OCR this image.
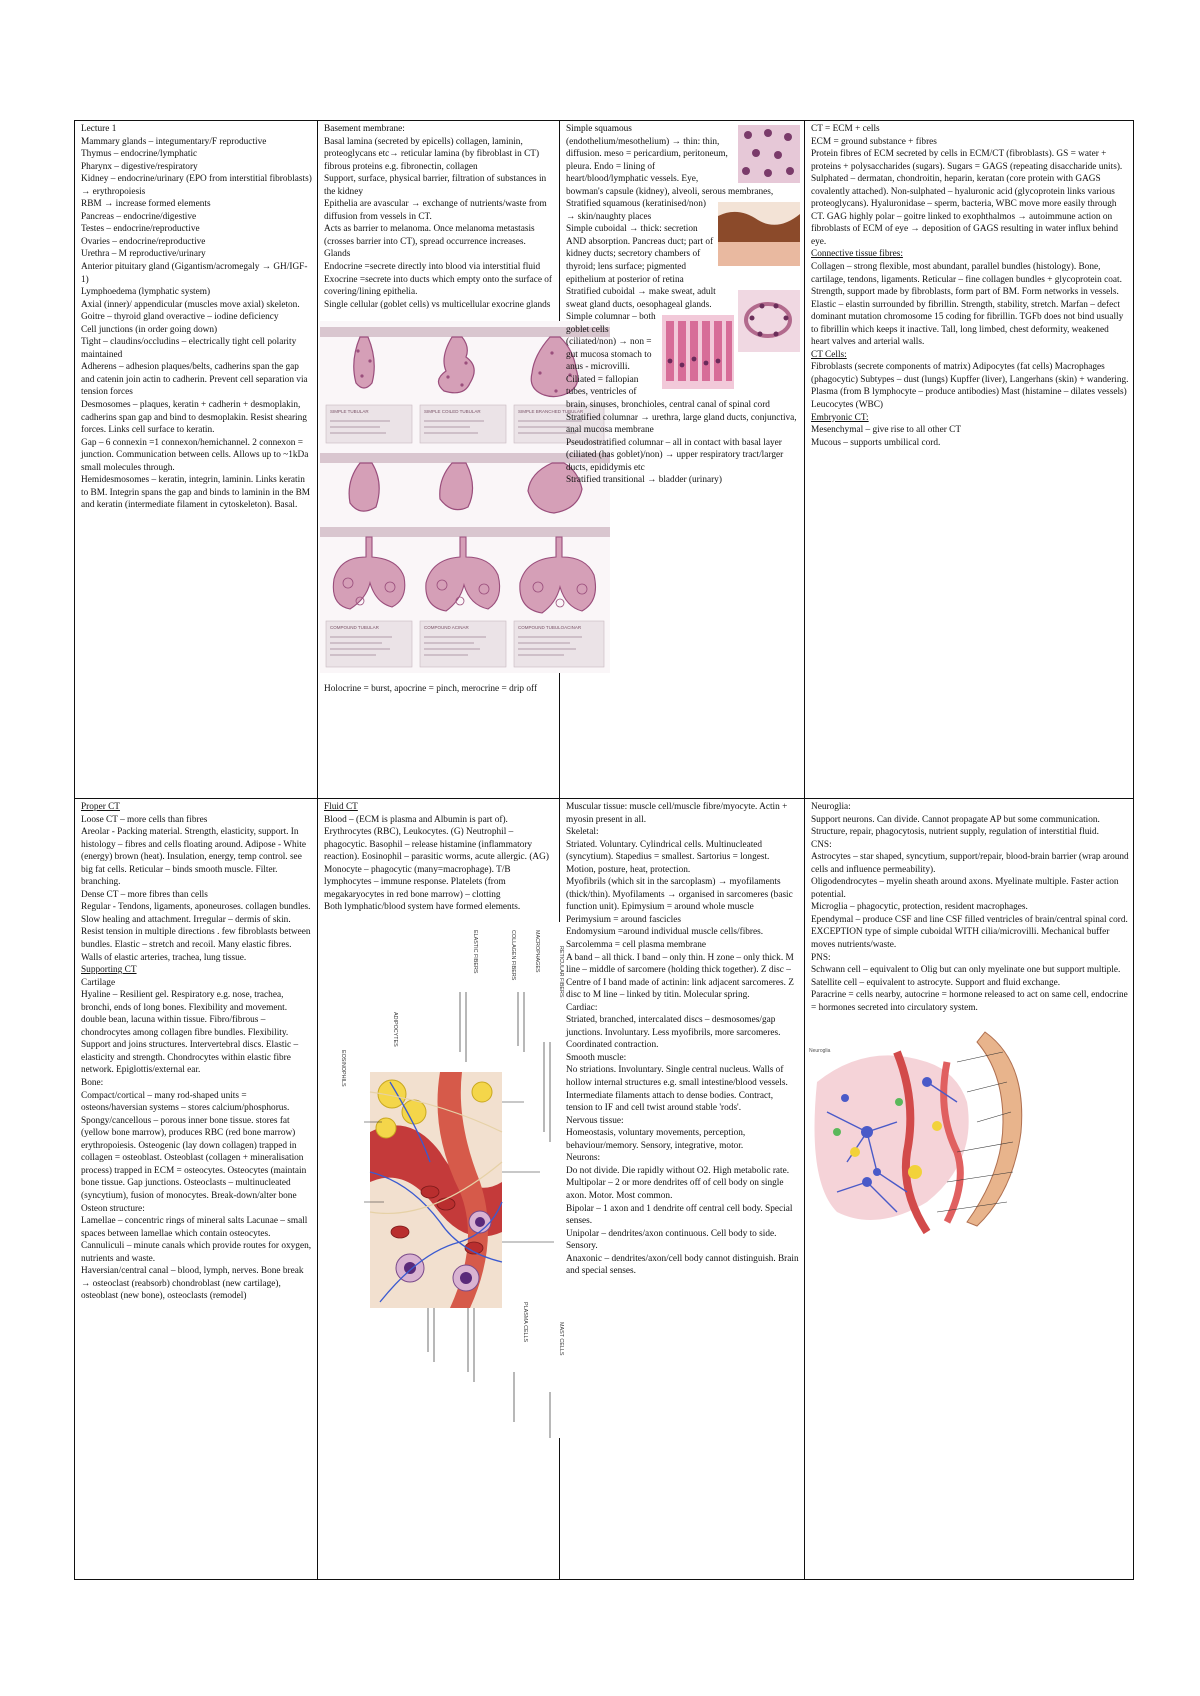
Lecture 1

Mammary glands – integumentary/F reproductive

Thymus – endocrine/lymphatic

Pharynx – digestive/respiratory

Kidney – endocrine/urinary (EPO from interstitial fibroblasts) → erythropoiesis

RBM → increase formed elements

Pancreas – endocrine/digestive

Testes – endocrine/reproductive

Ovaries – endocrine/reproductive

Urethra – M reproductive/urinary

Anterior pituitary gland (Gigantism/acromegaly → GH/IGF-1)

Lymphoedema (lymphatic system)

Axial (inner)/ appendicular (muscles move axial) skeleton.

Goitre – thyroid gland overactive – iodine deficiency

Cell junctions (in order going down)

Tight – claudins/occludins – electrically tight cell polarity maintained

Adherens – adhesion plaques/belts, cadherins span the gap and catenin join actin to cadherin. Prevent cell separation via tension forces

Desmosomes – plaques, keratin + cadherin + desmoplakin, cadherins span gap and bind to desmoplakin. Resist shearing forces. Links cell surface to keratin.

Gap – 6 connexin =1 connexon/hemichannel. 2 connexon = junction. Communication between cells. Allows up to ~1kDa small molecules through.

Hemidesmosomes – keratin, integrin, laminin. Links keratin to BM. Integrin spans the gap and binds to laminin in the BM and keratin (intermediate filament in cytoskeleton). Basal.

Basement membrane:

Basal lamina (secreted by epicells) collagen, laminin, proteoglycans etc→ reticular lamina (by fibroblast in CT) fibrous proteins e.g. fibronectin, collagen

Support, surface, physical barrier, filtration of substances in the kidney

Epithelia are avascular → exchange of nutrients/waste from diffusion from vessels in CT.

Acts as barrier to melanoma. Once melanoma metastasis (crosses barrier into CT), spread occurrence increases.

Glands

Endocrine =secrete directly into blood via interstitial fluid

Exocrine =secrete into ducts which empty onto the surface of covering/lining epithelia.

Single cellular (goblet cells) vs multicellular exocrine glands

SIMPLE TUBULAR	SIMPLE COILED TUBULAR	SIMPLE BRANCHED TUBULAR
COMPOUND TUBULAR	COMPOUND ACINAR	COMPOUND TUBULOACINAR

Holocrine = burst, apocrine = pinch, merocrine = drip off

Simple squamous (endothelium/mesothelium) → thin: thin, diffusion. meso = pericardium, peritoneum, pleura. Endo = lining of heart/blood/lymphatic vessels. Eye, bowman's capsule (kidney), alveoli, serous membranes,

Stratified squamous (keratinised/non) → skin/naughty places

Simple cuboidal → thick: secretion AND absorption. Pancreas duct; part of kidney ducts; secretory chambers of thyroid; lens surface; pigmented epithelium at posterior of retina

Stratified cuboidal → make sweat, adult sweat gland ducts, oesophageal glands.

Simple columnar – both goblet cells (ciliated/non) → non = gut mucosa stomach to anus - microvilli. Ciliated = fallopian tubes, ventricles of brain, sinuses, bronchioles, central canal of spinal cord

Stratified columnar → urethra, large gland ducts, conjunctiva, anal mucosa membrane

Pseudostratified columnar – all in contact with basal layer (ciliated (has goblet)/non) → upper respiratory tract/larger ducts, epididymis etc

Stratified transitional → bladder (urinary)

CT = ECM + cells

ECM = ground substance + fibres

Protein fibres of ECM secreted by cells in ECM/CT (fibroblasts). GS = water + proteins + polysaccharides (sugars). Sugars = GAGS (repeating disaccharide units). Sulphated – dermatan, chondroitin, heparin, keratan (core protein with GAGS covalently attached). Non-sulphated – hyaluronic acid (glycoprotein links various proteoglycans). Hyaluronidase – sperm, bacteria, WBC move more easily through CT. GAG highly polar – goitre linked to exophthalmos → autoimmune action on fibroblasts of ECM of eye → deposition of GAGS resulting in water influx behind eye.

Connective tissue fibres:

Collagen – strong flexible, most abundant, parallel bundles (histology). Bone, cartilage, tendons, ligaments. Reticular – fine collagen bundles + glycoprotein coat. Strength, support made by fibroblasts, form part of BM. Form networks in vessels. Elastic – elastin surrounded by fibrillin. Strength, stability, stretch. Marfan – defect dominant mutation chromosome 15 coding for fibrillin. TGFb does not bind usually to fibrillin which keeps it inactive. Tall, long limbed, chest deformity, weakened heart valves and arterial walls.

CT Cells:

Fibroblasts (secrete components of matrix) Adipocytes (fat cells) Macrophages (phagocytic) Subtypes – dust (lungs) Kupffer (liver), Langerhans (skin) + wandering. Plasma (from B lymphocyte – produce antibodies) Mast (histamine – dilates vessels) Leucocytes (WBC)

Embryonic CT:

Mesenchymal – give rise to all other CT

Mucous – supports umbilical cord.

Proper CT

Loose CT – more cells than fibres

Areolar - Packing material. Strength, elasticity, support. In histology – fibres and cells floating around. Adipose - White (energy) brown (heat). Insulation, energy, temp control. see big fat cells. Reticular – binds smooth muscle. Filter. branching.

Dense CT – more fibres than cells

Regular - Tendons, ligaments, aponeuroses. collagen bundles. Slow healing and attachment. Irregular – dermis of skin. Resist tension in multiple directions . few fibroblasts between bundles. Elastic – stretch and recoil. Many elastic fibres. Walls of elastic arteries, trachea, lung tissue.

Supporting CT

Cartilage

Hyaline – Resilient gel. Respiratory e.g. nose, trachea, bronchi, ends of long bones. Flexibility and movement. double bean, lacuna within tissue. Fibro/fibrous – chondrocytes among collagen fibre bundles. Flexibility. Support and joins structures. Intervertebral discs. Elastic – elasticity and strength. Chondrocytes within elastic fibre network. Epiglottis/external ear.

Bone:

Compact/cortical – many rod-shaped units = osteons/haversian systems – stores calcium/phosphorus. Spongy/cancellous – porous inner bone tissue. stores fat (yellow bone marrow), produces RBC (red bone marrow) erythropoiesis. Osteogenic (lay down collagen) trapped in collagen = osteoblast. Osteoblast (collagen + mineralisation process) trapped in ECM = osteocytes. Osteocytes (maintain bone tissue. Gap junctions. Osteoclasts – multinucleated (syncytium), fusion of monocytes. Break-down/alter bone Osteon structure:

Lamellae – concentric rings of mineral salts Lacunae – small spaces between lamellae which contain osteocytes. Cannuliculi – minute canals which provide routes for oxygen, nutrients and waste.

Haversian/central canal – blood, lymph, nerves. Bone break → osteoclast (reabsorb) chondroblast (new cartilage), osteoblast (new bone), osteoclasts (remodel)

Fluid CT

Blood – (ECM is plasma and Albumin is part of).

Erythrocytes (RBC), Leukocytes. (G) Neutrophil – phagocytic. Basophil – release histamine (inflammatory reaction). Eosinophil – parasitic worms, acute allergic. (AG) Monocyte – phagocytic (many=macrophage). T/B lymphocytes – immune response. Platelets (from megakaryocytes in red bone marrow) – clotting

Both lymphatic/blood system have formed elements.

MACROPHAGES
ELASTIC FIBERS
ADIPOCYTES
RETICULAR FIBERS
EOSINOPHILS
PLASMA CELLS	MAST CELLS
COLLAGEN FIBERS

Muscular tissue: muscle cell/muscle fibre/myocyte. Actin + myosin present in all.

Skeletal:

Striated. Voluntary. Cylindrical cells. Multinucleated (syncytium). Stapedius = smallest. Sartorius = longest. Motion, posture, heat, protection.

Myofibrils (which sit in the sarcoplasm) → myofilaments (thick/thin). Myofilaments → organised in sarcomeres (basic function unit). Epimysium = around whole muscle Perimysium = around fascicles

Endomysium =around individual muscle cells/fibres. Sarcolemma = cell plasma membrane

A band – all thick. I band – only thin. H zone – only thick. M line – middle of sarcomere (holding thick together). Z disc – Centre of I band made of actinin: link adjacent sarcomeres. Z disc to M line – linked by titin. Molecular spring.

Cardiac:

Striated, branched, intercalated discs – desmosomes/gap junctions. Involuntary. Less myofibrils, more sarcomeres. Coordinated contraction.

Smooth muscle:

No striations. Involuntary. Single central nucleus. Walls of hollow internal structures e.g. small intestine/blood vessels.

Intermediate filaments attach to dense bodies. Contract, tension to IF and cell twist around stable 'rods'.

Nervous tissue:

Homeostasis, voluntary movements, perception, behaviour/memory. Sensory, integrative, motor.

Neurons:

Do not divide. Die rapidly without O2. High metabolic rate.

Multipolar – 2 or more dendrites off of cell body on single axon. Motor. Most common.

Bipolar – 1 axon and 1 dendrite off central cell body. Special senses.

Unipolar – dendrites/axon continuous. Cell body to side. Sensory.

Anaxonic – dendrites/axon/cell body cannot distinguish. Brain and special senses.

Neuroglia:

Support neurons. Can divide. Cannot propagate AP but some communication. Structure, repair, phagocytosis, nutrient supply, regulation of interstitial fluid.

CNS:

Astrocytes – star shaped, syncytium, support/repair, blood-brain barrier (wrap around cells and influence permeability).

Oligodendrocytes – myelin sheath around axons. Myelinate multiple. Faster action potential.

Microglia – phagocytic, protection, resident macrophages.

Ependymal – produce CSF and line CSF filled ventricles of brain/central spinal cord. EXCEPTION type of simple cuboidal WITH cilia/microvilli. Mechanical buffer moves nutrients/waste.

PNS:

Schwann cell – equivalent to Olig but can only myelinate one but support multiple.

Satellite cell – equivalent to astrocyte. Support and fluid exchange.

Paracrine = cells nearby, autocrine = hormone released to act on same cell, endocrine = hormones secreted into circulatory system.

Neuroglia
